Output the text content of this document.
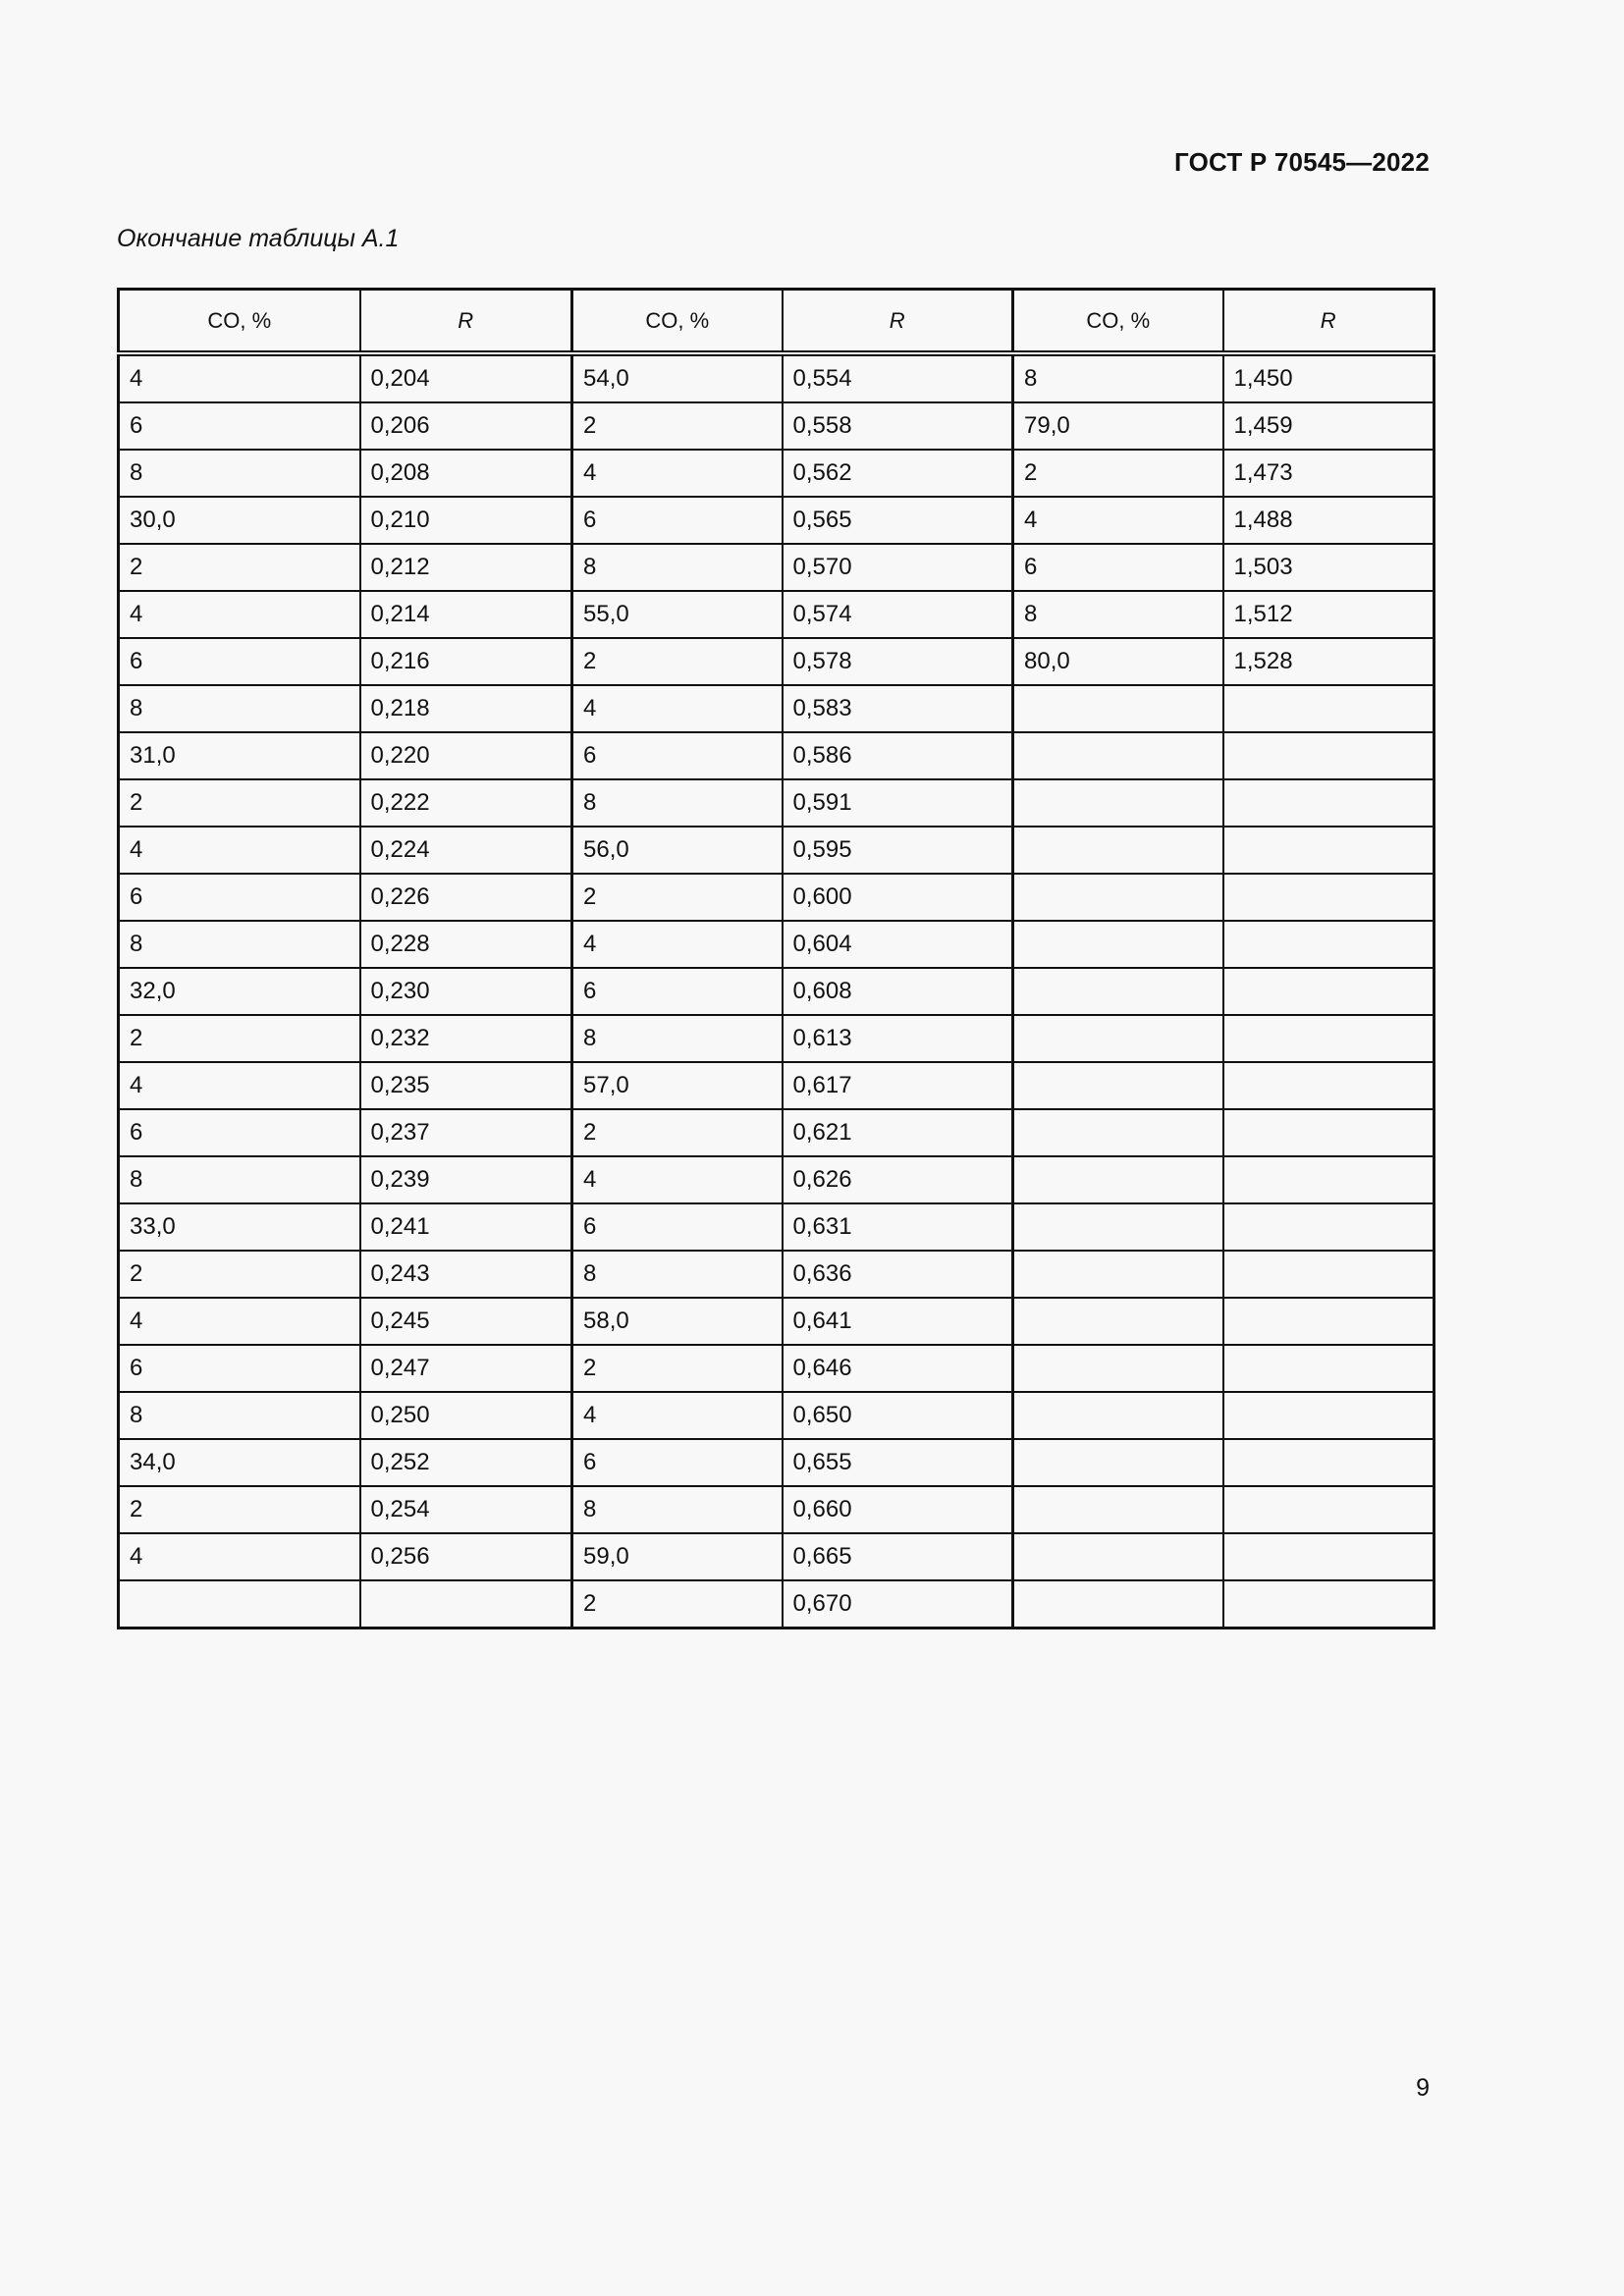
ГОСТ Р 70545—2022
Окончание таблицы А.1
CO, %	R	CO, %	R	CO, %	R
4	0,204	54,0	0,554	8	1,450
6	0,206	2	0,558	79,0	1,459
8	0,208	4	0,562	2	1,473
30,0	0,210	6	0,565	4	1,488
2	0,212	8	0,570	6	1,503
4	0,214	55,0	0,574	8	1,512
6	0,216	2	0,578	80,0	1,528
8	0,218	4	0,583		
31,0	0,220	6	0,586		
2	0,222	8	0,591		
4	0,224	56,0	0,595		
6	0,226	2	0,600		
8	0,228	4	0,604		
32,0	0,230	6	0,608		
2	0,232	8	0,613		
4	0,235	57,0	0,617		
6	0,237	2	0,621		
8	0,239	4	0,626		
33,0	0,241	6	0,631		
2	0,243	8	0,636		
4	0,245	58,0	0,641		
6	0,247	2	0,646		
8	0,250	4	0,650		
34,0	0,252	6	0,655		
2	0,254	8	0,660		
4	0,256	59,0	0,665		
		2	0,670		
9
